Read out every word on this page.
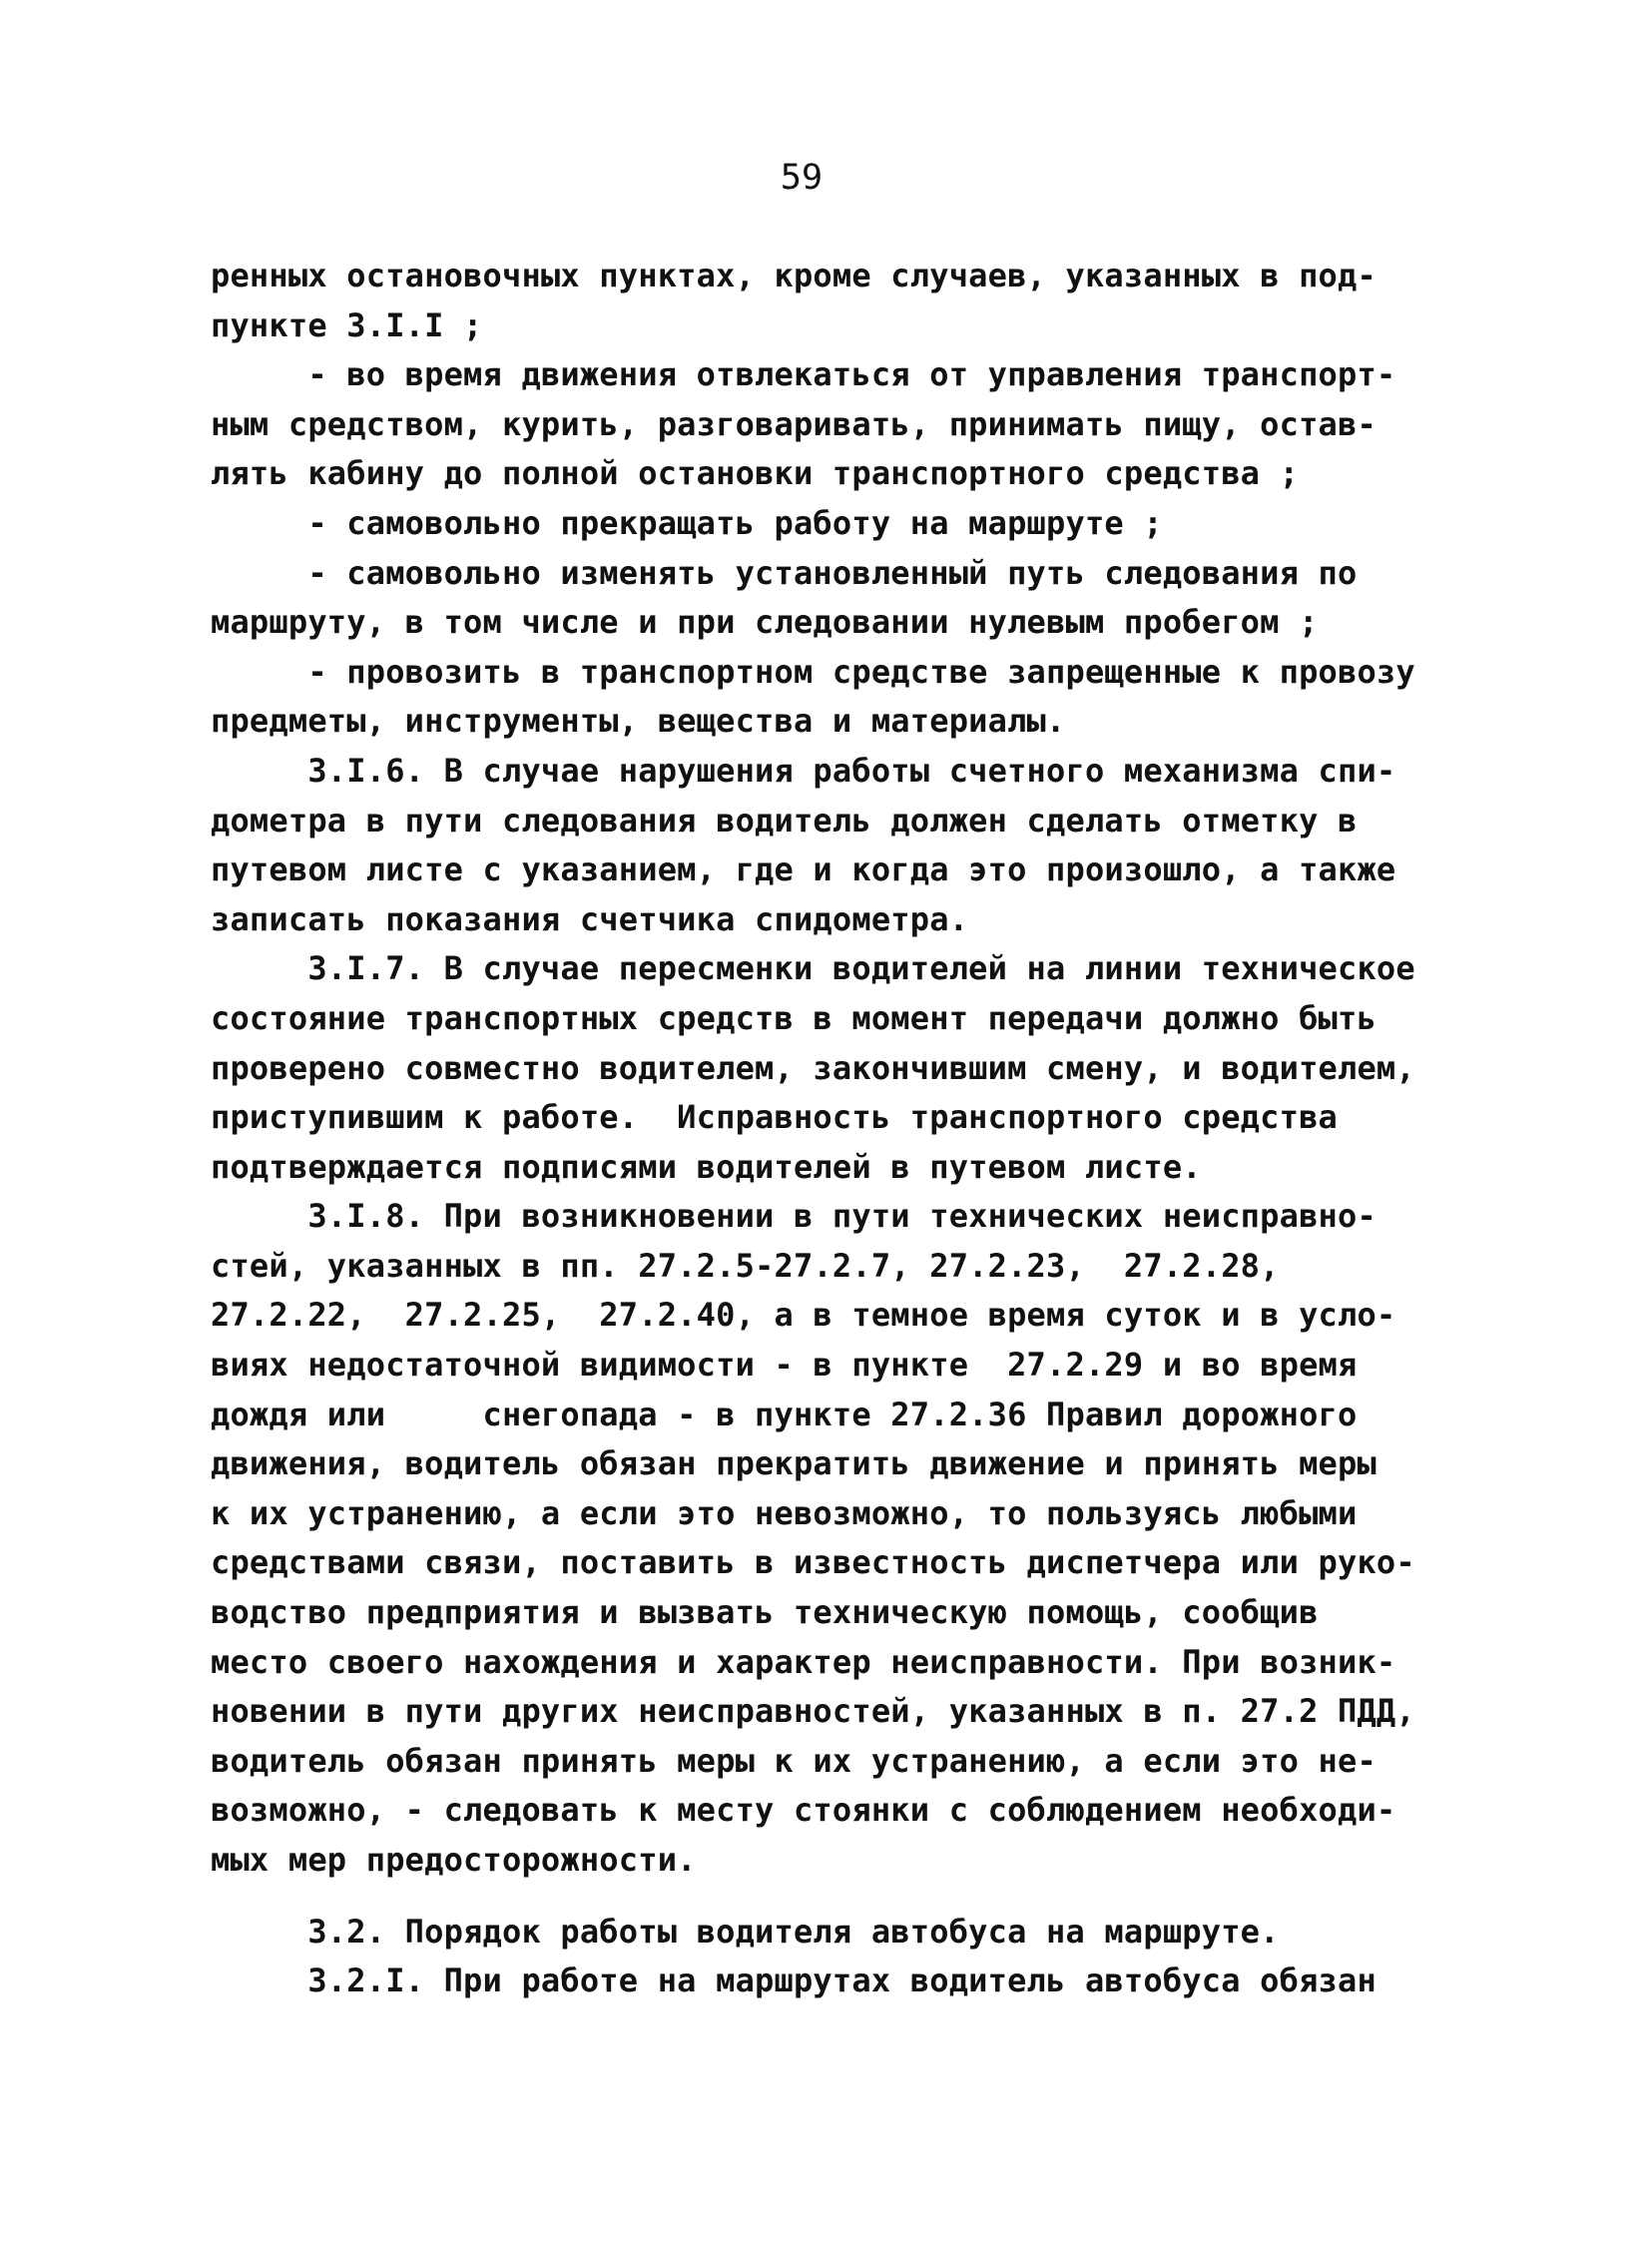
59
ренных остановочных пунктах, кроме случаев, указанных в под-
пункте 3.I.I ;
- во время движения отвлекаться от управления транспорт-
ным средством, курить, разговаривать, принимать пищу, остав-
лять кабину до полной остановки транспортного средства ;
- самовольно прекращать работу на маршруте ;
- самовольно изменять установленный путь следования по
маршруту, в том числе и при следовании нулевым пробегом ;
- провозить в транспортном средстве запрещенные к провозу
предметы, инструменты, вещества и материалы.
3.I.6. В случае нарушения работы счетного механизма спи-
дометра в пути следования водитель должен сделать отметку в
путевом листе с указанием, где и когда это произошло, а также
записать показания счетчика спидометра.
3.I.7. В случае пересменки водителей на линии техническое
состояние транспортных средств в момент передачи должно быть
проверено совместно водителем, закончившим смену, и водителем,
приступившим к работе.  Исправность транспортного средства
подтверждается подписями водителей в путевом листе.
3.I.8. При возникновении в пути технических неисправно-
стей, указанных в пп. 27.2.5-27.2.7, 27.2.23,  27.2.28,
27.2.22,  27.2.25,  27.2.40, а в темное время суток и в усло-
виях недостаточной видимости - в пункте  27.2.29 и во время
дождя или     снегопада - в пункте 27.2.36 Правил дорожного
движения, водитель обязан прекратить движение и принять меры
к их устранению, а если это невозможно, то пользуясь любыми
средствами связи, поставить в известность диспетчера или руко-
водство предприятия и вызвать техническую помощь, сообщив
место своего нахождения и характер неисправности. При возник-
новении в пути других неисправностей, указанных в п. 27.2 ПДД,
водитель обязан принять меры к их устранению, а если это не-
возможно, - следовать к месту стоянки с соблюдением необходи-
мых мер предосторожности.
3.2. Порядок работы водителя автобуса на маршруте.
3.2.I. При работе на маршрутах водитель автобуса обязан
